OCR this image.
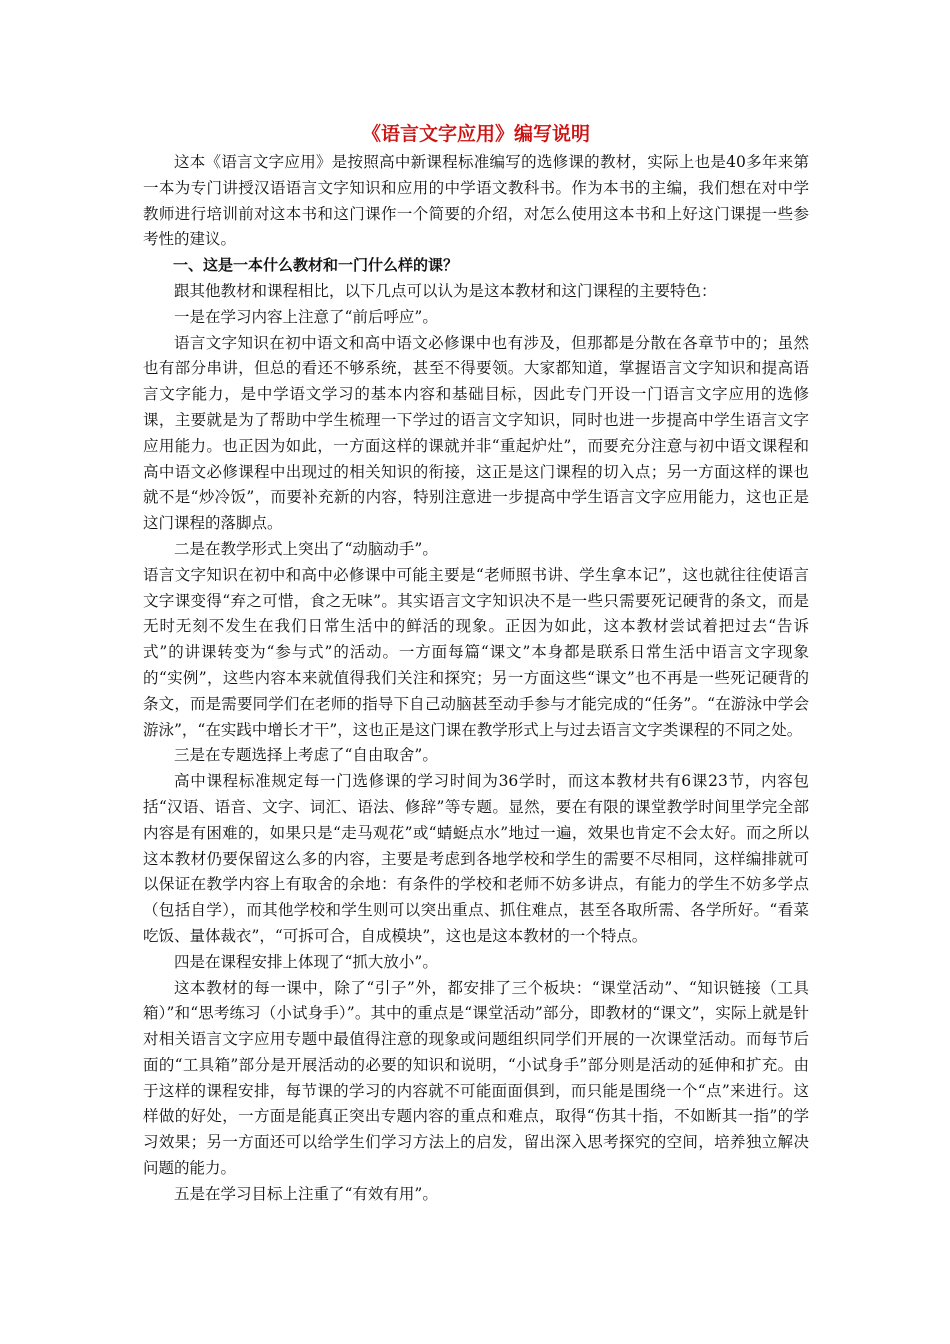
《语言文字应用》编写说明

这本《语言文字应用》是按照高中新课程标准编写的选修课的教材，实际上也是40多年来第一本为专门讲授汉语语言文字知识和应用的中学语文教科书。作为本书的主编，我们想在对中学教师进行培训前对这本书和这门课作一个简要的介绍，对怎么使用这本书和上好这门课提一些参考性的建议。

一、这是一本什么教材和一门什么样的课？

跟其他教材和课程相比，以下几点可以认为是这本教材和这门课程的主要特色：

一是在学习内容上注意了“前后呼应”。

语言文字知识在初中语文和高中语文必修课中也有涉及，但那都是分散在各章节中的；虽然也有部分串讲，但总的看还不够系统，甚至不得要领。大家都知道，掌握语言文字知识和提高语言文字能力，是中学语文学习的基本内容和基础目标，因此专门开设一门语言文字应用的选修课，主要就是为了帮助中学生梳理一下学过的语言文字知识，同时也进一步提高中学生语言文字应用能力。也正因为如此，一方面这样的课就并非“重起炉灶”，而要充分注意与初中语文课程和高中语文必修课程中出现过的相关知识的衔接，这正是这门课程的切入点；另一方面这样的课也就不是“炒冷饭”，而要补充新的内容，特别注意进一步提高中学生语言文字应用能力，这也正是这门课程的落脚点。

二是在教学形式上突出了“动脑动手”。

语言文字知识在初中和高中必修课中可能主要是“老师照书讲、学生拿本记”，这也就往往使语言文字课变得“弃之可惜，食之无味”。其实语言文字知识决不是一些只需要死记硬背的条文，而是无时无刻不发生在我们日常生活中的鲜活的现象。正因为如此，这本教材尝试着把过去“告诉式”的讲课转变为“参与式”的活动。一方面每篇“课文”本身都是联系日常生活中语言文字现象的“实例”，这些内容本来就值得我们关注和探究；另一方面这些“课文”也不再是一些死记硬背的条文，而是需要同学们在老师的指导下自己动脑甚至动手参与才能完成的“任务”。“在游泳中学会游泳”，“在实践中增长才干”，这也正是这门课在教学形式上与过去语言文字类课程的不同之处。

三是在专题选择上考虑了“自由取舍”。

高中课程标准规定每一门选修课的学习时间为36学时，而这本教材共有6课23节，内容包括“汉语、语音、文字、词汇、语法、修辞”等专题。显然，要在有限的课堂教学时间里学完全部内容是有困难的，如果只是“走马观花”或“蜻蜓点水”地过一遍，效果也肯定不会太好。而之所以这本教材仍要保留这么多的内容，主要是考虑到各地学校和学生的需要不尽相同，这样编排就可以保证在教学内容上有取舍的余地：有条件的学校和老师不妨多讲点，有能力的学生不妨多学点（包括自学），而其他学校和学生则可以突出重点、抓住难点，甚至各取所需、各学所好。“看菜吃饭、量体裁衣”，“可拆可合，自成模块”，这也是这本教材的一个特点。

四是在课程安排上体现了“抓大放小”。

这本教材的每一课中，除了“引子”外，都安排了三个板块：“课堂活动”、“知识链接（工具箱）”和“思考练习（小试身手）”。其中的重点是“课堂活动”部分，即教材的“课文”，实际上就是针对相关语言文字应用专题中最值得注意的现象或问题组织同学们开展的一次课堂活动。而每节后面的“工具箱”部分是开展活动的必要的知识和说明，“小试身手”部分则是活动的延伸和扩充。由于这样的课程安排，每节课的学习的内容就不可能面面俱到，而只能是围绕一个“点”来进行。这样做的好处，一方面是能真正突出专题内容的重点和难点，取得“伤其十指，不如断其一指”的学习效果；另一方面还可以给学生们学习方法上的启发，留出深入思考探究的空间，培养独立解决问题的能力。

五是在学习目标上注重了“有效有用”。
